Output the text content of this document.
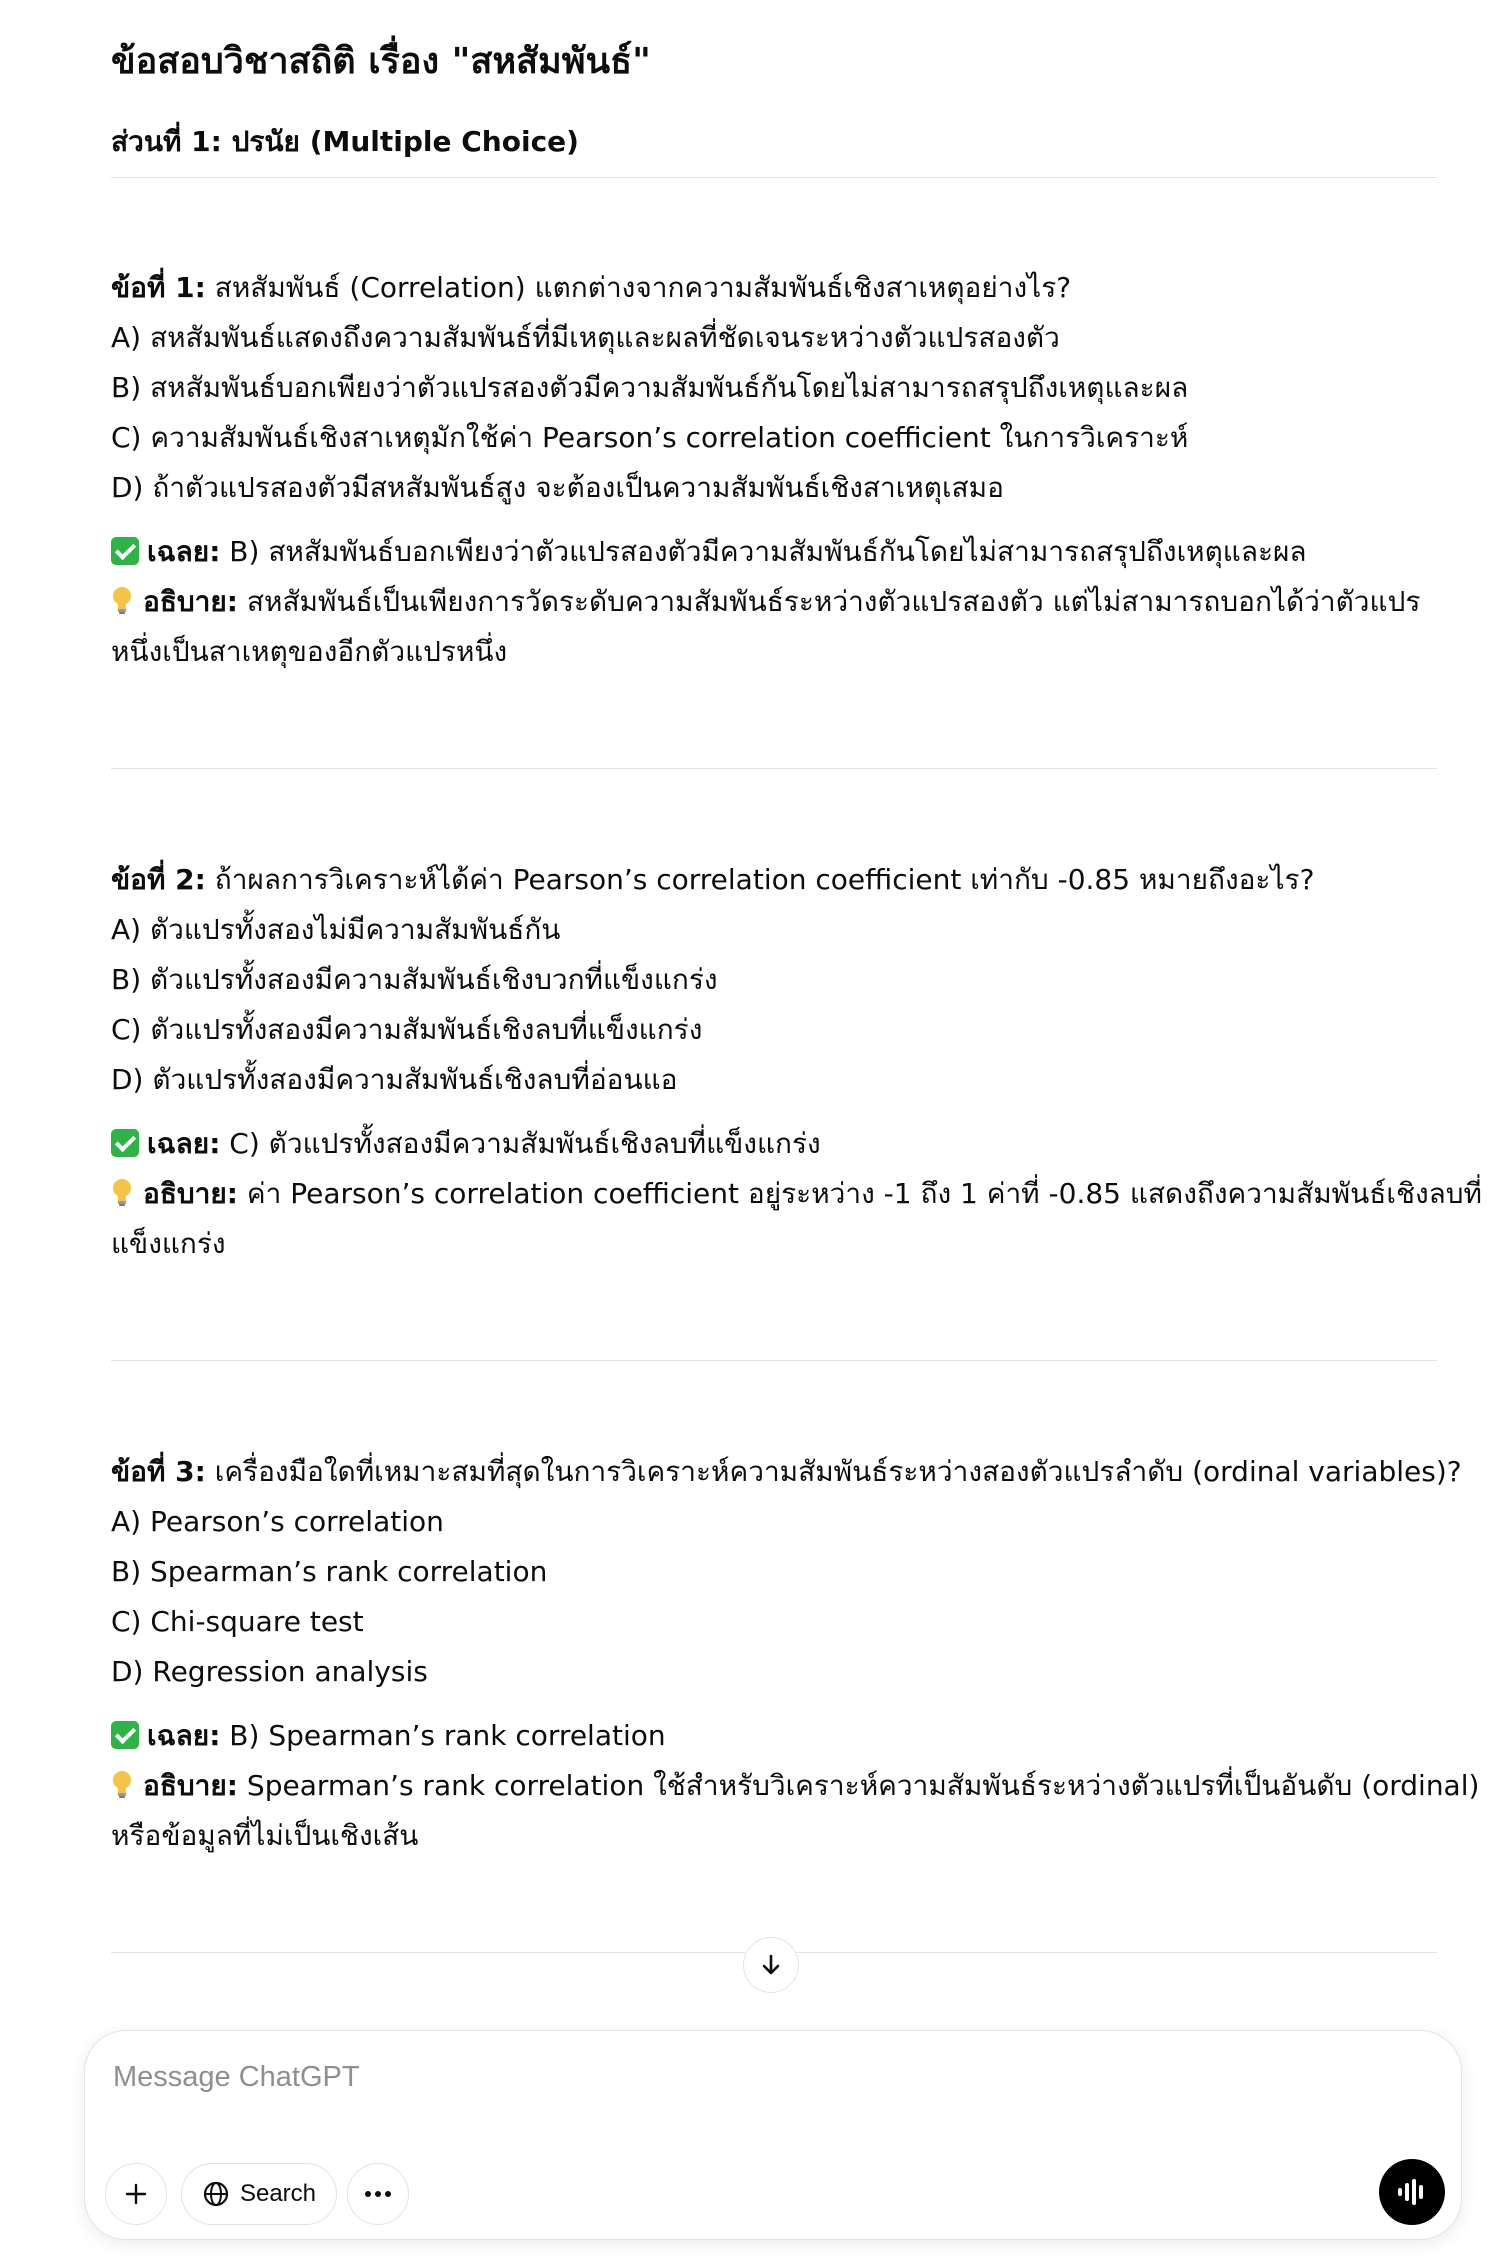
ข้อสอบวิชาสถิติ เรื่อง "สหสัมพันธ์"
ส่วนที่ 1: ปรนัย (Multiple Choice)
ข้อที่ 1: สหสัมพันธ์ (Correlation) แตกต่างจากความสัมพันธ์เชิงสาเหตุอย่างไร?
A) สหสัมพันธ์แสดงถึงความสัมพันธ์ที่มีเหตุและผลที่ชัดเจนระหว่างตัวแปรสองตัว
B) สหสัมพันธ์บอกเพียงว่าตัวแปรสองตัวมีความสัมพันธ์กันโดยไม่สามารถสรุปถึงเหตุและผล
C) ความสัมพันธ์เชิงสาเหตุมักใช้ค่า Pearson’s correlation coefficient ในการวิเคราะห์
D) ถ้าตัวแปรสองตัวมีสหสัมพันธ์สูง จะต้องเป็นความสัมพันธ์เชิงสาเหตุเสมอ
เฉลย: B) สหสัมพันธ์บอกเพียงว่าตัวแปรสองตัวมีความสัมพันธ์กันโดยไม่สามารถสรุปถึงเหตุและผล
อธิบาย: สหสัมพันธ์เป็นเพียงการวัดระดับความสัมพันธ์ระหว่างตัวแปรสองตัว แต่ไม่สามารถบอกได้ว่าตัวแปร
หนึ่งเป็นสาเหตุของอีกตัวแปรหนึ่ง
ข้อที่ 2: ถ้าผลการวิเคราะห์ได้ค่า Pearson’s correlation coefficient เท่ากับ -0.85 หมายถึงอะไร?
A) ตัวแปรทั้งสองไม่มีความสัมพันธ์กัน
B) ตัวแปรทั้งสองมีความสัมพันธ์เชิงบวกที่แข็งแกร่ง
C) ตัวแปรทั้งสองมีความสัมพันธ์เชิงลบที่แข็งแกร่ง
D) ตัวแปรทั้งสองมีความสัมพันธ์เชิงลบที่อ่อนแอ
เฉลย: C) ตัวแปรทั้งสองมีความสัมพันธ์เชิงลบที่แข็งแกร่ง
อธิบาย: ค่า Pearson’s correlation coefficient อยู่ระหว่าง -1 ถึง 1 ค่าที่ -0.85 แสดงถึงความสัมพันธ์เชิงลบที่
แข็งแกร่ง
ข้อที่ 3: เครื่องมือใดที่เหมาะสมที่สุดในการวิเคราะห์ความสัมพันธ์ระหว่างสองตัวแปรลำดับ (ordinal variables)?
A) Pearson’s correlation
B) Spearman’s rank correlation
C) Chi-square test
D) Regression analysis
เฉลย: B) Spearman’s rank correlation
อธิบาย: Spearman’s rank correlation ใช้สำหรับวิเคราะห์ความสัมพันธ์ระหว่างตัวแปรที่เป็นอันดับ (ordinal)
หรือข้อมูลที่ไม่เป็นเชิงเส้น
Message ChatGPT
Search
